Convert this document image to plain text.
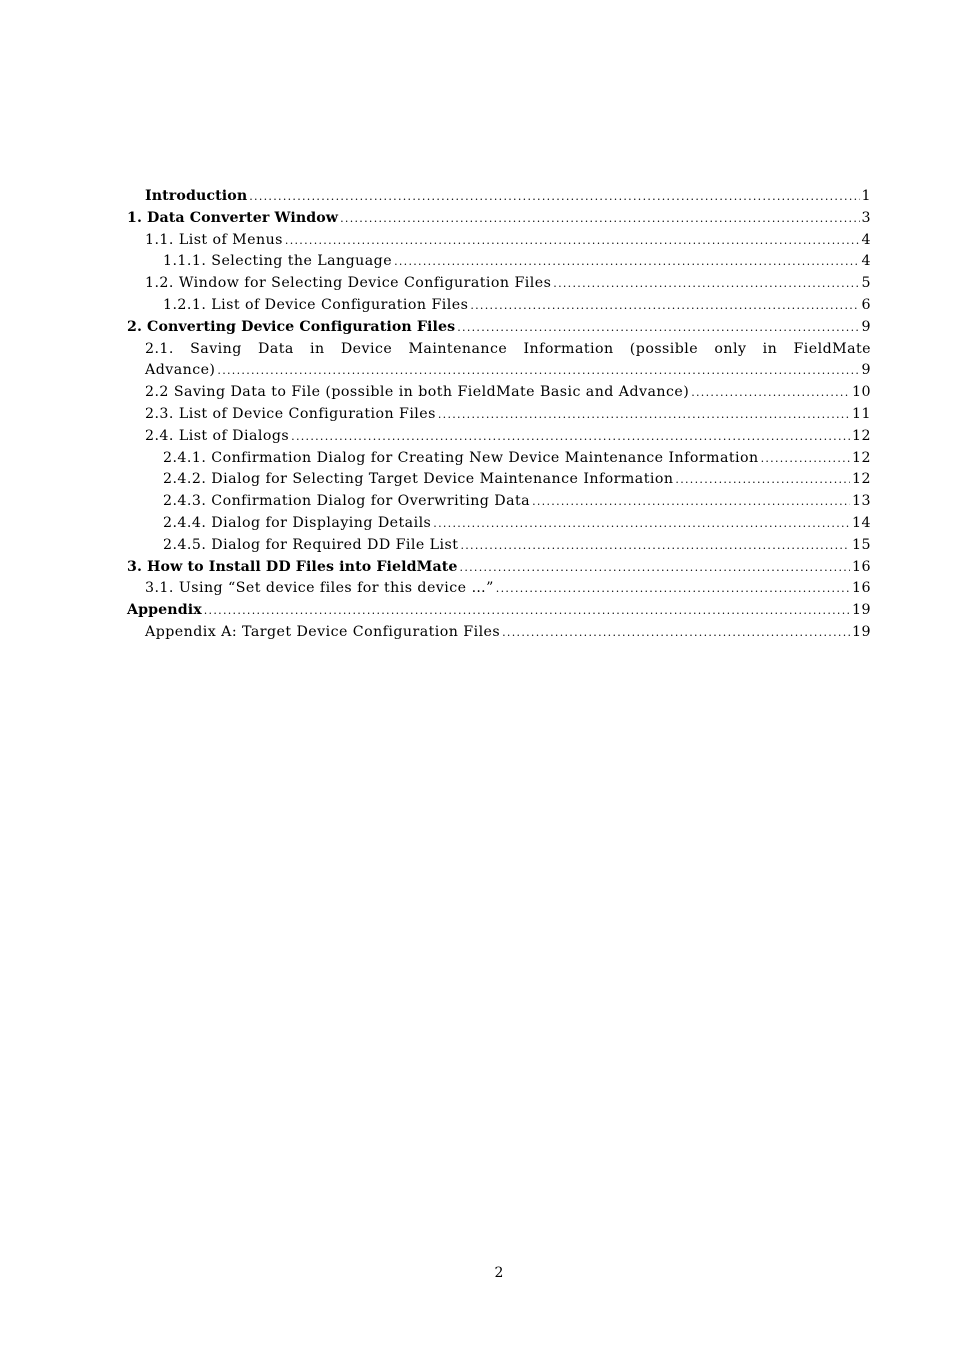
Introduction .....	1
1. Data Converter Window .....	3
1.1. List of Menus .....	4
1.1.1. Selecting the Language .....	4
1.2. Window for Selecting Device Configuration Files .....	5
1.2.1. List of Device Configuration Files .....	6
2. Converting Device Configuration Files .....	9
2.1. Saving Data in Device Maintenance Information (possible only in FieldMate
Advance) .....	9
2.2 Saving Data to File (possible in both FieldMate Basic and Advance) .....	10
2.3. List of Device Configuration Files .....	11
2.4. List of Dialogs .....	12
2.4.1. Confirmation Dialog for Creating New Device Maintenance Information .....	12
2.4.2. Dialog for Selecting Target Device Maintenance Information .....	12
2.4.3. Confirmation Dialog for Overwriting Data .....	13
2.4.4. Dialog for Displaying Details .....	14
2.4.5. Dialog for Required DD File List .....	15
3. How to Install DD Files into FieldMate .....	16
3.1. Using “Set device files for this device …” .....	16
Appendix .....	19
Appendix A: Target Device Configuration Files .....	19
2
